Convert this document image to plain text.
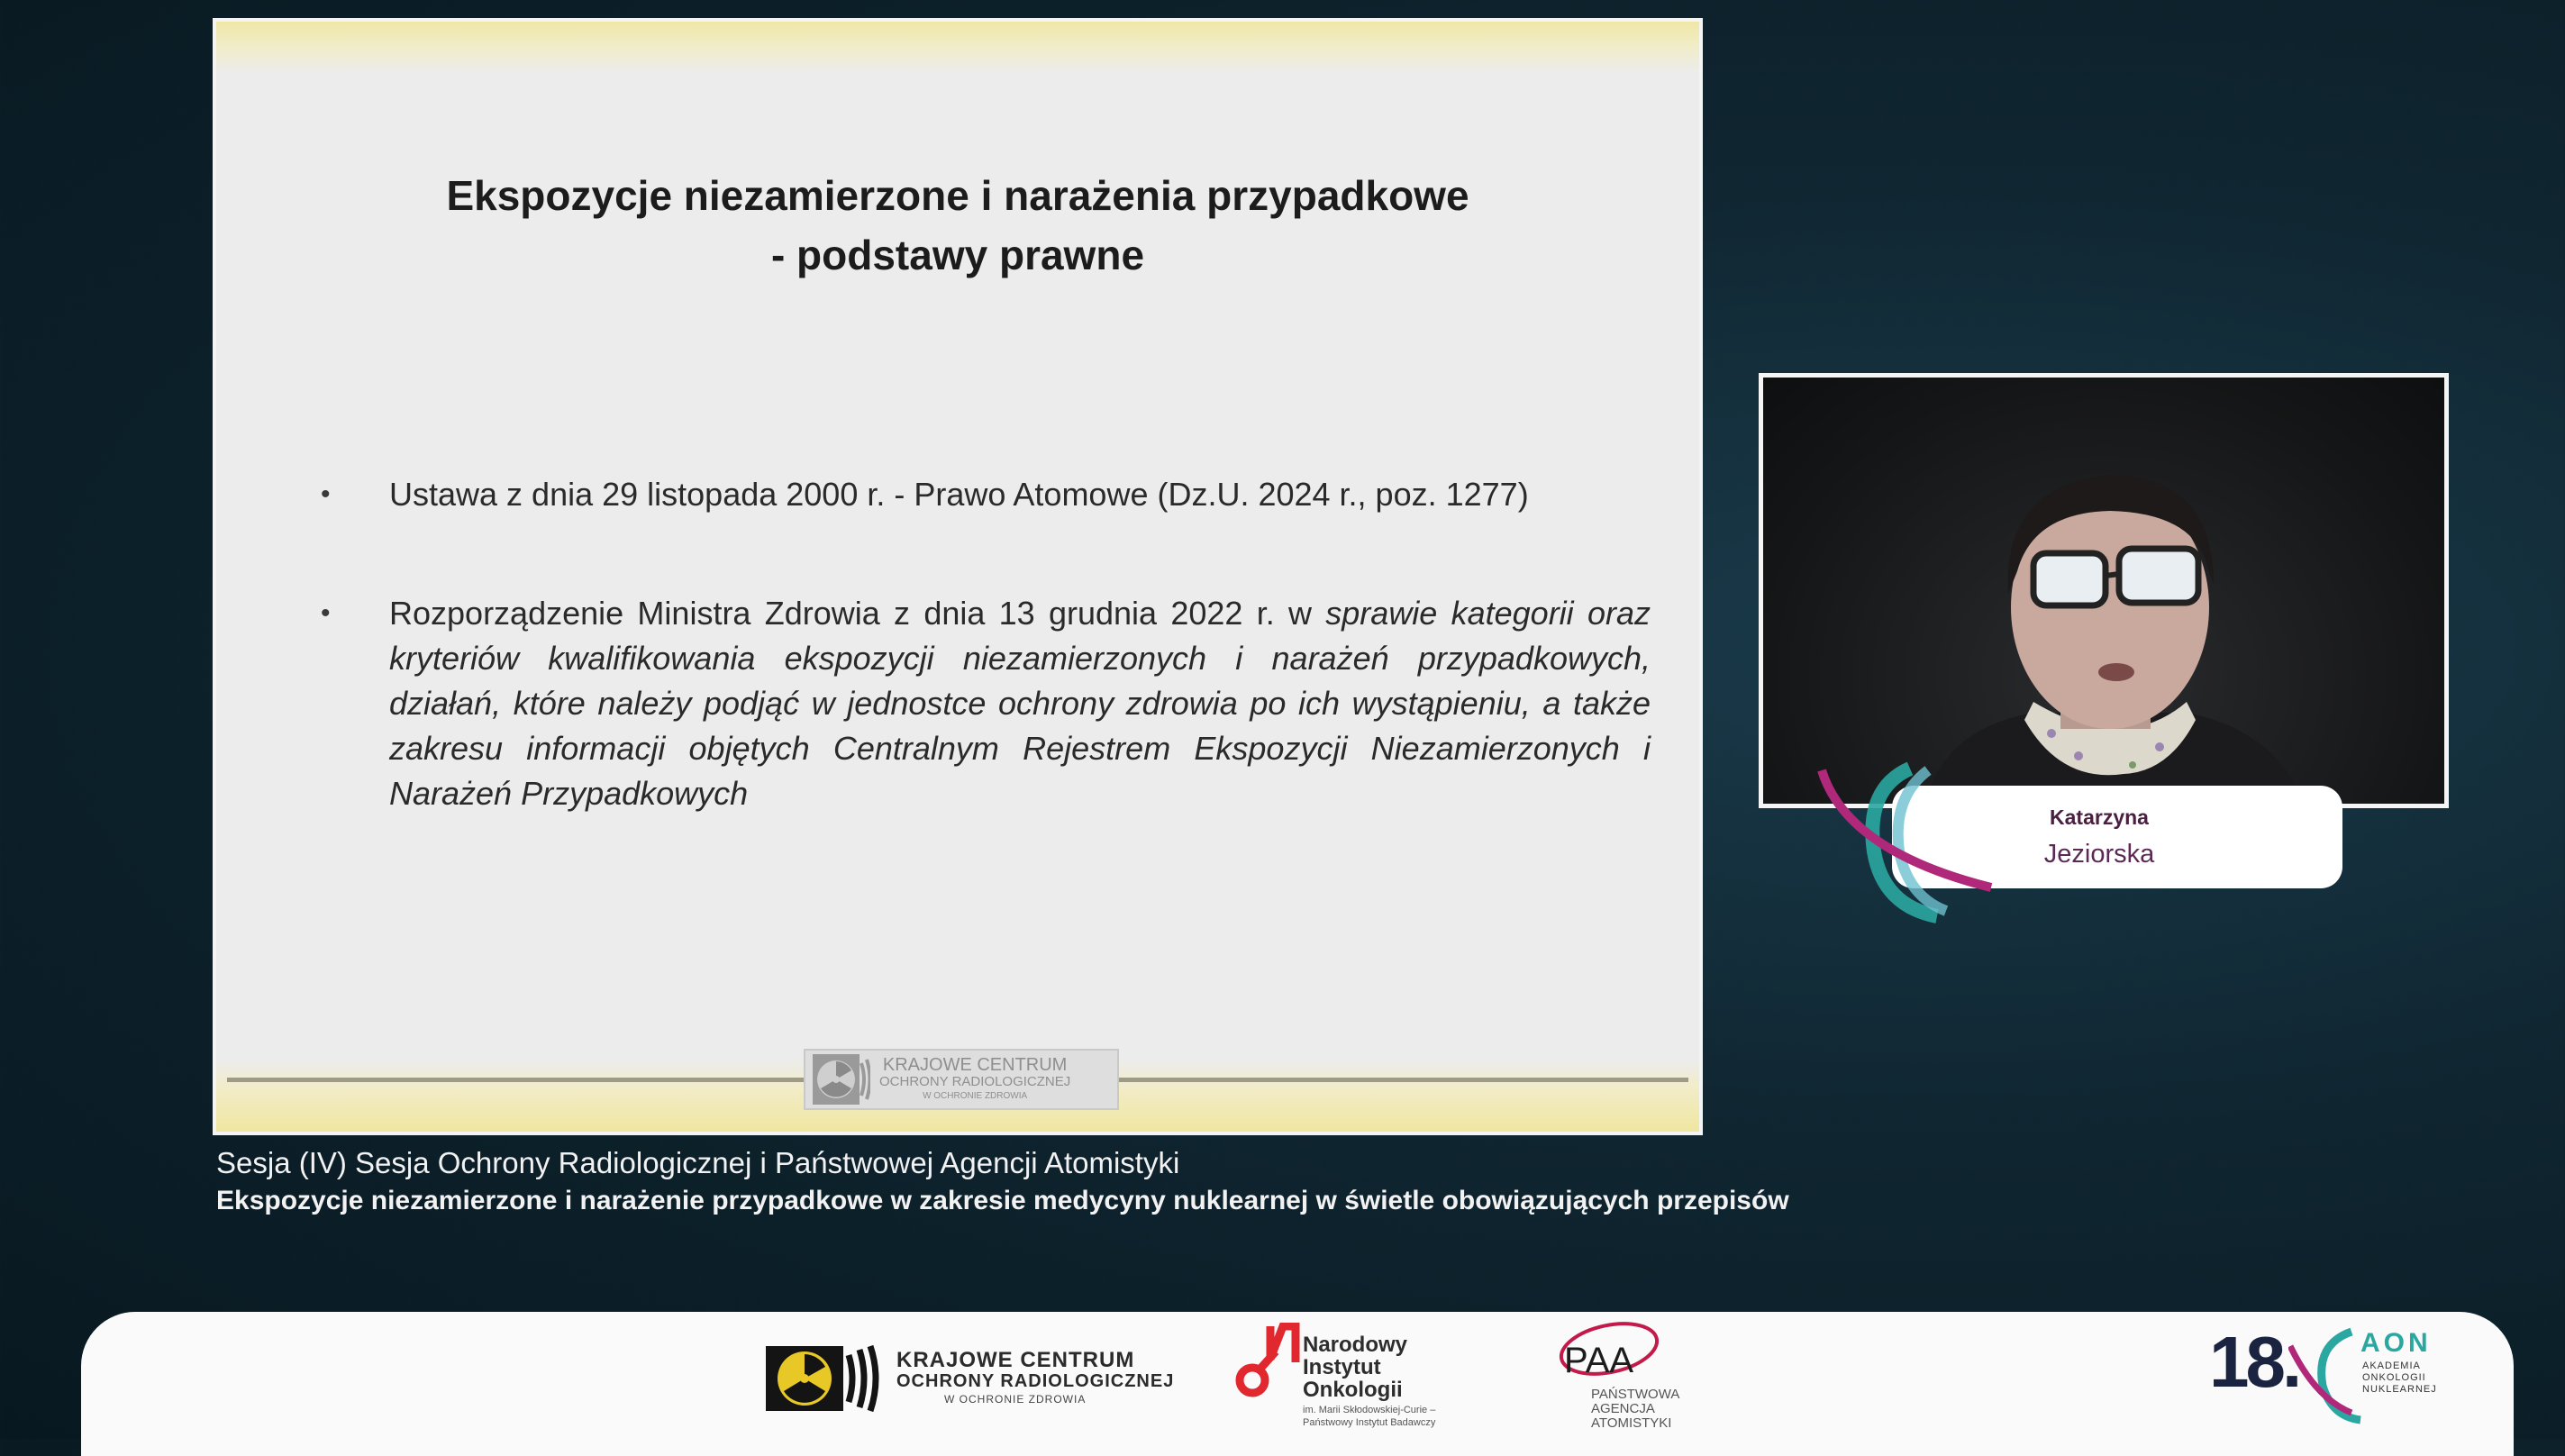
Ekspozycje niezamierzone i narażenia przypadkowe
- podstawy prawne
• Ustawa z dnia 29 listopada 2000 r. - Prawo Atomowe (Dz.U. 2024 r., poz. 1277)
• Rozporządzenie Ministra Zdrowia z dnia 13 grudnia 2022 r. w sprawie kategorii oraz kryteriów kwalifikowania ekspozycji niezamierzonych i narażeń przypadkowych, działań, które należy podjąć w jednostce ochrony zdrowia po ich wystąpieniu, a także zakresu informacji objętych Centralnym Rejestrem Ekspozycji Niezamierzonych i Narażeń Przypadkowych
KRAJOWE CENTRUM
OCHRONY RADIOLOGICZNEJ
W OCHRONIE ZDROWIA
Katarzyna
Jeziorska
Sesja (IV) Sesja Ochrony Radiologicznej i Państwowej Agencji Atomistyki
Ekspozycje niezamierzone i narażenie przypadkowe w zakresie medycyny nuklearnej w świetle obowiązujących przepisów
KRAJOWE CENTRUM
OCHRONY RADIOLOGICZNEJ
W OCHRONIE ZDROWIA
Narodowy
Instytut
Onkologii
im. Marii Skłodowskiej-Curie –
Państwowy Instytut Badawczy
PAA
PAŃSTWOWA
AGENCJA
ATOMISTYKI
18. AON
AKADEMIA
ONKOLOGII
NUKLEARNEJ
